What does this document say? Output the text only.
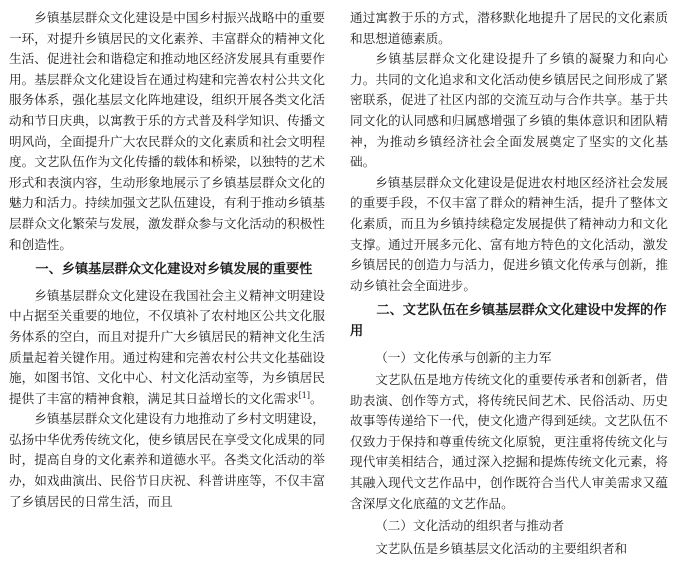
乡镇基层群众文化建设是中国乡村振兴战略中的重要一环，对提升乡镇居民的文化素养、丰富群众的精神文化生活、促进社会和谐稳定和推动地区经济发展具有重要作用。基层群众文化建设旨在通过构建和完善农村公共文化服务体系，强化基层文化阵地建设，组织开展各类文化活动和节日庆典，以寓教于乐的方式普及科学知识、传播文明风尚，全面提升广大农民群众的文化素质和社会文明程度。文艺队伍作为文化传播的载体和桥梁，以独特的艺术形式和表演内容，生动形象地展示了乡镇基层群众文化的魅力和活力。持续加强文艺队伍建设，有利于推动乡镇基层群众文化繁荣与发展，激发群众参与文化活动的积极性和创造性。

一、乡镇基层群众文化建设对乡镇发展的重要性

乡镇基层群众文化建设在我国社会主义精神文明建设中占据至关重要的地位，不仅填补了农村地区公共文化服务体系的空白，而且对提升广大乡镇居民的精神文化生活质量起着关键作用。通过构建和完善农村公共文化基础设施，如图书馆、文化中心、村文化活动室等，为乡镇居民提供了丰富的精神食粮，满足其日益增长的文化需求[1]。

乡镇基层群众文化建设有力地推动了乡村文明建设，弘扬中华优秀传统文化，使乡镇居民在享受文化成果的同时，提高自身的文化素养和道德水平。各类文化活动的举办，如戏曲演出、民俗节日庆祝、科普讲座等，不仅丰富了乡镇居民的日常生活，而且

通过寓教于乐的方式，潜移默化地提升了居民的文化素质和思想道德素质。

乡镇基层群众文化建设提升了乡镇的凝聚力和向心力。共同的文化追求和文化活动使乡镇居民之间形成了紧密联系，促进了社区内部的交流互动与合作共享。基于共同文化的认同感和归属感增强了乡镇的集体意识和团队精神，为推动乡镇经济社会全面发展奠定了坚实的文化基础。

乡镇基层群众文化建设是促进农村地区经济社会发展的重要手段，不仅丰富了群众的精神生活，提升了整体文化素质，而且为乡镇持续稳定发展提供了精神动力和文化支撑。通过开展多元化、富有地方特色的文化活动，激发乡镇居民的创造力与活力，促进乡镇文化传承与创新，推动乡镇社会全面进步。

二、文艺队伍在乡镇基层群众文化建设中发挥的作用
（一）文化传承与创新的主力军

文艺队伍是地方传统文化的重要传承者和创新者，借助表演、创作等方式，将传统民间艺术、民俗活动、历史故事等传递给下一代，使文化遗产得到延续。文艺队伍不仅致力于保持和尊重传统文化原貌，更注重将传统文化与现代审美相结合，通过深入挖掘和提炼传统文化元素，将其融入现代文艺作品中，创作既符合当代人审美需求又蕴含深厚文化底蕴的文艺作品。

（二）文化活动的组织者与推动者

文艺队伍是乡镇基层文化活动的主要组织者和
